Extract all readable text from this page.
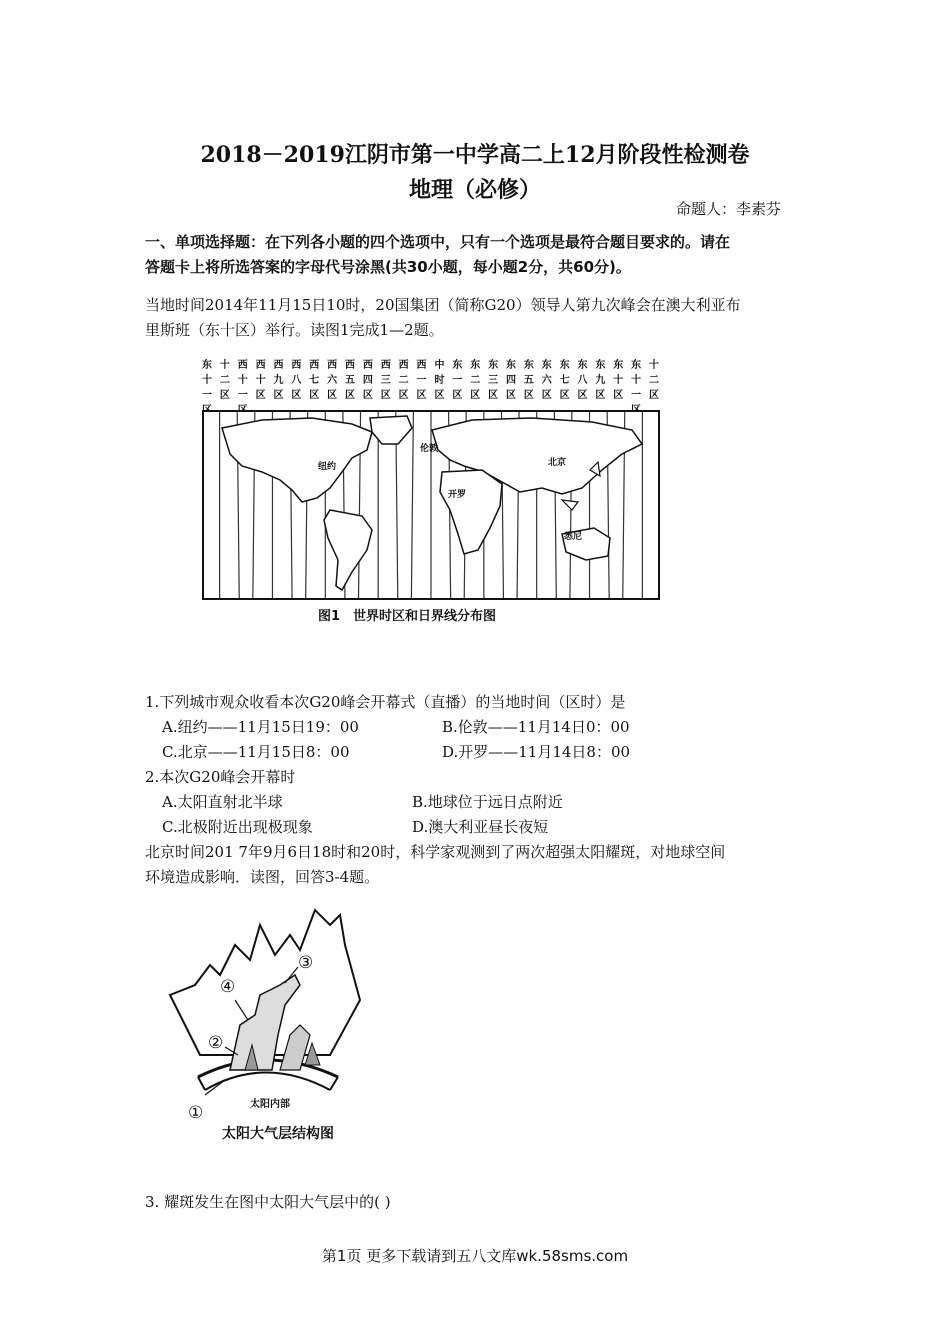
2018－2019江阴市第一中学高二上12月阶段性检测卷
地理（必修）
命题人：李素芬
一、单项选择题：在下列各小题的四个选项中，只有一个选项是最符合题目要求的。请在
答题卡上将所选答案的字母代号涂黑(共30小题，每小题2分，共60分)。
当地时间2014年11月15日10时，20国集团（简称G20）领导人第九次峰会在澳大利亚布
里斯班（东十区）举行。读图1完成1—2题。
东
十
一
十
二
区
西
十
一
西
十
区
西
九
区
西
八
区
西
七
区
西
六
区
西
五
区
西
四
区
西
三
区
西
二
区
西
一
区
中
时
区
东
一
区
东
二
区
东
三
区
东
四
区
东
五
区
东
六
区
东
七
区
东
八
区
东
九
区
东
十
区
东
十
一
十
二
区
纽约
伦敦
北京
开罗
悉尼
图1　世界时区和日界线分布图
1.下列城市观众收看本次G20峰会开幕式（直播）的当地时间（区时）是
A.纽约——11月15日19：00	B.伦敦——11月14日0：00
C.北京——11月15日8：00	D.开罗——11月14日8：00
2.本次G20峰会开幕时
A.太阳直射北半球	B.地球位于远日点附近
C.北极附近出现极现象	D.澳大利亚昼长夜短
北京时间201 7年9月6日18时和20时，科学家观测到了两次超强太阳耀斑，对地球空间
环境造成影响．读图，回答3-4题。
①
②
③
④
太阳内部
太阳大气层结构图
3. 耀斑发生在图中太阳大气层中的( )
第1页 更多下载请到五八文库wk.58sms.com
